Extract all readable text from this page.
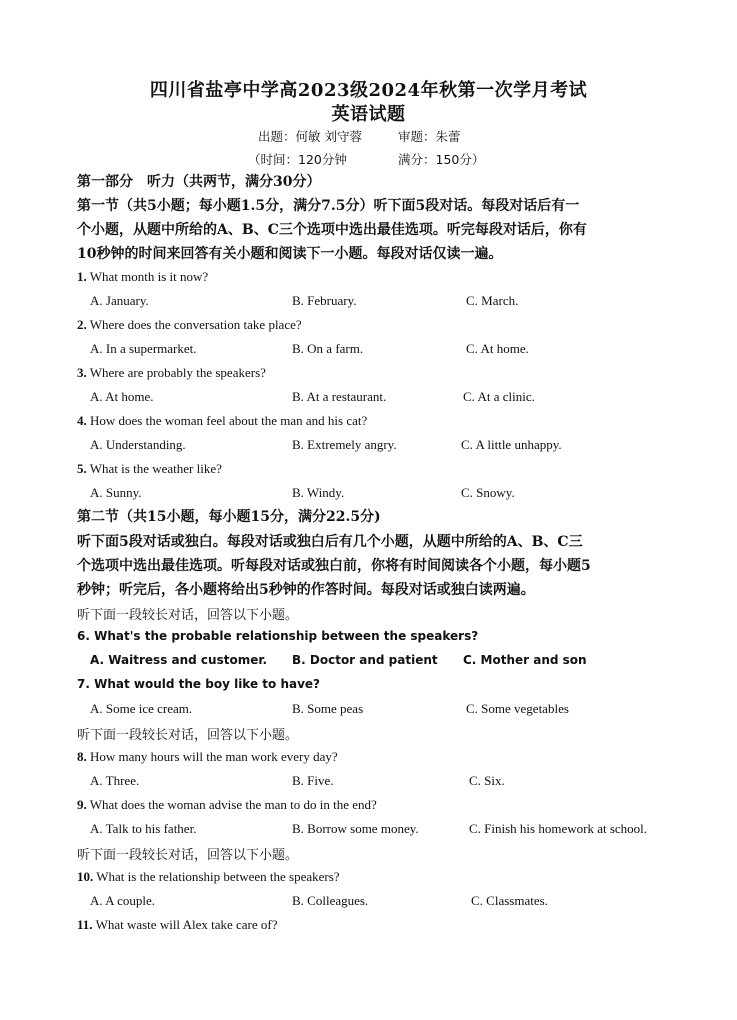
四川省盐亭中学高2023级2024年秋第一次学月考试
英语试题
出题：何敏 刘守蓉	审题：朱蕾
（时间：120分钟	满分：150分）
第一部分　听力（共两节，满分30分）
第一节（共5小题；每小题1.5分，满分7.5分）听下面5段对话。每段对话后有一
个小题，从题中所给的A、B、C三个选项中选出最佳选项。听完每段对话后，你有
10秒钟的时间来回答有关小题和阅读下一小题。每段对话仅读一遍。
1. What month is it now?
A. January.	B. February.	C. March.
2. Where does the conversation take place?
A. In a supermarket.	B. On a farm.	C. At home.
3. Where are probably the speakers?
A. At home.	B. At a restaurant.	C. At a clinic.
4. How does the woman feel about the man and his cat?
A. Understanding.	B. Extremely angry.	C. A little unhappy.
5. What is the weather like?
A. Sunny.	B. Windy.	C. Snowy.
第二节（共15小题，每小题15分，满分22.5分)
听下面5段对话或独白。每段对话或独白后有几个小题，从题中所给的A、B、C三
个选项中选出最佳选项。听每段对话或独白前，你将有时间阅读各个小题，每小题5
秒钟；听完后，各小题将给出5秒钟的作答时间。每段对话或独白读两遍。
听下面一段较长对话，回答以下小题。
6. What's the probable relationship between the speakers?
A. Waitress and customer. B. Doctor and patient C. Mother and son
7. What would the boy like to have?
A. Some ice cream.	B. Some peas	C. Some vegetables
听下面一段较长对话，回答以下小题。
8. How many hours will the man work every day?
A. Three.	B. Five.	C. Six.
9. What does the woman advise the man to do in the end?
A. Talk to his father.	B. Borrow some money.	C. Finish his homework at school.
听下面一段较长对话，回答以下小题。
10. What is the relationship between the speakers?
A. A couple.	B. Colleagues.	C. Classmates.
11. What waste will Alex take care of?
